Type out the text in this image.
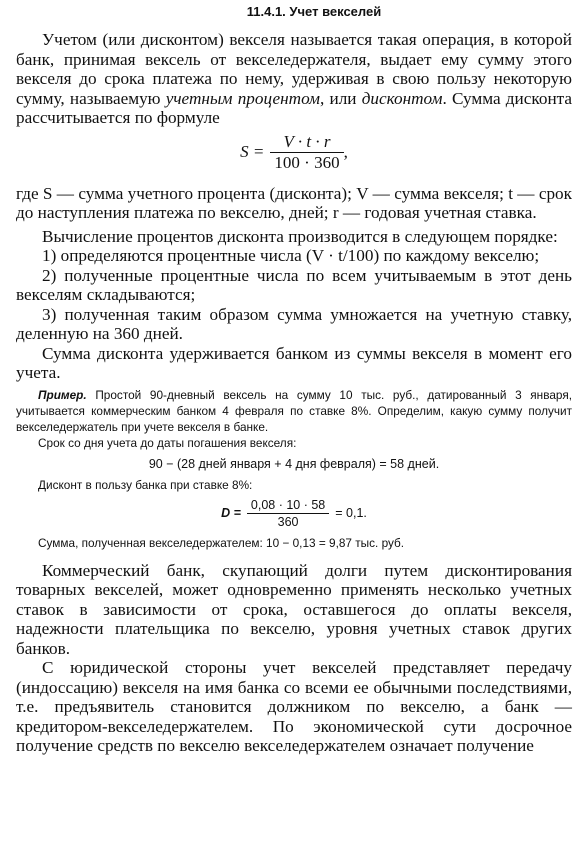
11.4.1. Учет векселей

Учетом (или дисконтом) векселя называется такая операция, в которой банк, принимая вексель от векселедержателя, выдает ему сумму этого векселя до срока платежа по нему, удерживая в свою пользу некоторую сумму, называемую учетным процентом, или дисконтом. Сумма дисконта рассчитывается по формуле

$S = \frac{V \cdot t \cdot r}{100 \cdot 360}$ ,

где S — сумма учетного процента (дисконта); V — сумма векселя; t — срок до наступления платежа по векселю, дней; r — годовая учетная ставка.

Вычисление процентов дисконта производится в следующем порядке:

1) определяются процентные числа (V · t/100) по каждому векселю;

2) полученные процентные числа по всем учитываемым в этот день векселям складываются;

3) полученная таким образом сумма умножается на учетную ставку, деленную на 360 дней.

Сумма дисконта удерживается банком из суммы векселя в момент его учета.

Пример. Простой 90-дневный вексель на сумму 10 тыс. руб., датированный 3 января, учитывается коммерческим банком 4 февраля по ставке 8%. Определим, какую сумму получит векселедержатель при учете векселя в банке.

Срок со дня учета до даты погашения векселя:

90 − (28 дней января + 4 дня февраля) = 58 дней.

Дисконт в пользу банка при ставке 8%:

$D = \frac{0,08 \cdot 10 \cdot 58}{360} = 0,1$.

Сумма, полученная векселедержателем: 10 − 0,13 = 9,87 тыс. руб.

Коммерческий банк, скупающий долги путем дисконтирования товарных векселей, может одновременно применять несколько учетных ставок в зависимости от срока, оставшегося до оплаты векселя, надежности плательщика по векселю, уровня учетных ставок других банков.

С юридической стороны учет векселей представляет передачу (индоссацию) векселя на имя банка со всеми ее обычными последствиями, т.е. предъявитель становится должником по векселю, а банк — кредитором-векселедержателем. По экономической сути досрочное получение средств по векселю векселедержателем означает получение
